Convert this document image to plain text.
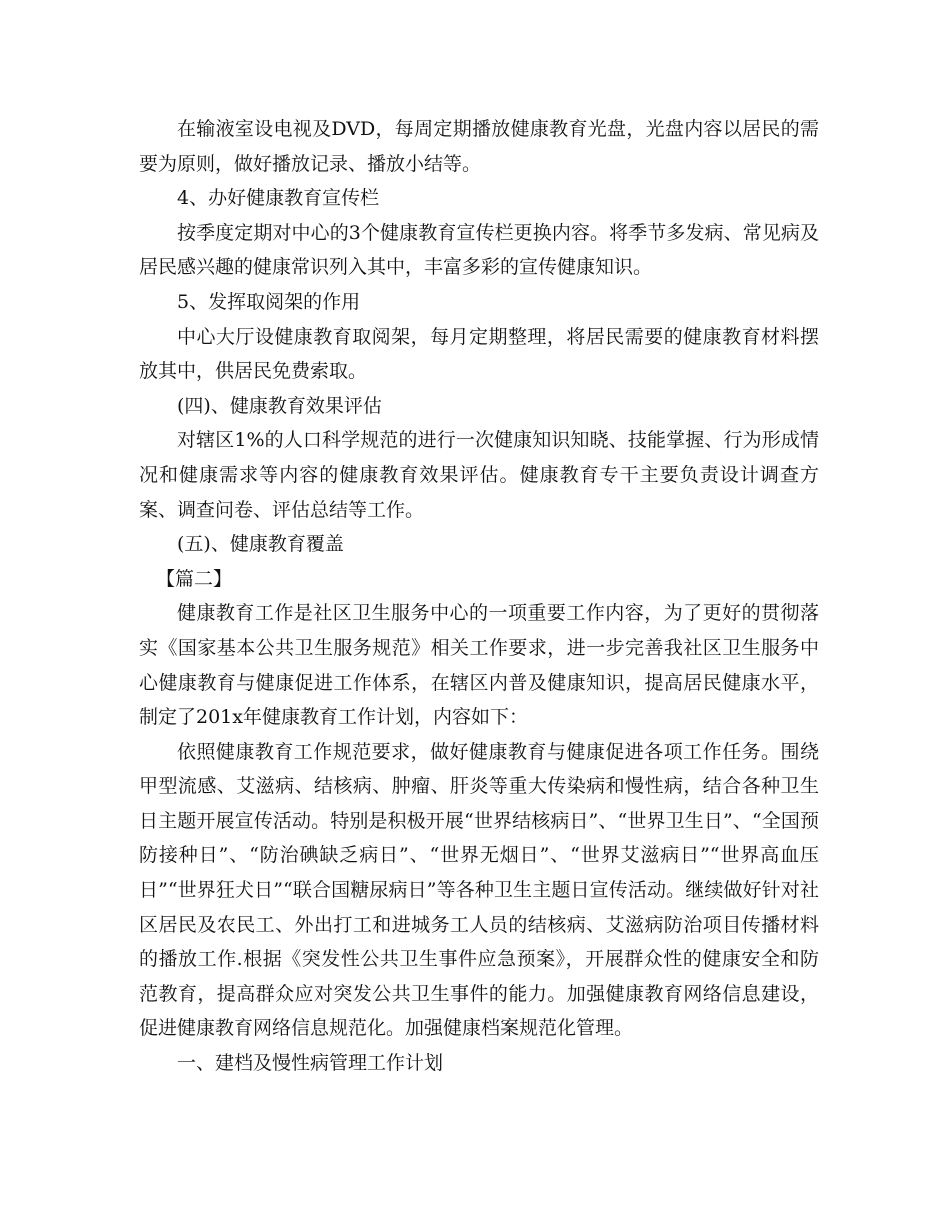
在输液室设电视及DVD，每周定期播放健康教育光盘，光盘内容以居民的需要为原则，做好播放记录、播放小结等。

4、办好健康教育宣传栏

按季度定期对中心的3个健康教育宣传栏更换内容。将季节多发病、常见病及居民感兴趣的健康常识列入其中，丰富多彩的宣传健康知识。

5、发挥取阅架的作用

中心大厅设健康教育取阅架，每月定期整理，将居民需要的健康教育材料摆放其中，供居民免费索取。

(四)、健康教育效果评估

对辖区1%的人口科学规范的进行一次健康知识知晓、技能掌握、行为形成情况和健康需求等内容的健康教育效果评估。健康教育专干主要负责设计调查方案、调查问卷、评估总结等工作。

(五)、健康教育覆盖

【篇二】

健康教育工作是社区卫生服务中心的一项重要工作内容，为了更好的贯彻落实《国家基本公共卫生服务规范》相关工作要求，进一步完善我社区卫生服务中心健康教育与健康促进工作体系，在辖区内普及健康知识，提高居民健康水平，制定了201x年健康教育工作计划，内容如下：

依照健康教育工作规范要求，做好健康教育与健康促进各项工作任务。围绕甲型流感、艾滋病、结核病、肿瘤、肝炎等重大传染病和慢性病，结合各种卫生日主题开展宣传活动。特别是积极开展“世界结核病日”、“世界卫生日”、“全国预防接种日”、“防治碘缺乏病日”、“世界无烟日”、“世界艾滋病日”“世界高血压日”“世界狂犬日”“联合国糖尿病日”等各种卫生主题日宣传活动。继续做好针对社区居民及农民工、外出打工和进城务工人员的结核病、艾滋病防治项目传播材料的播放工作.根据《突发性公共卫生事件应急预案》，开展群众性的健康安全和防范教育，提高群众应对突发公共卫生事件的能力。加强健康教育网络信息建设，促进健康教育网络信息规范化。加强健康档案规范化管理。

一、建档及慢性病管理工作计划
